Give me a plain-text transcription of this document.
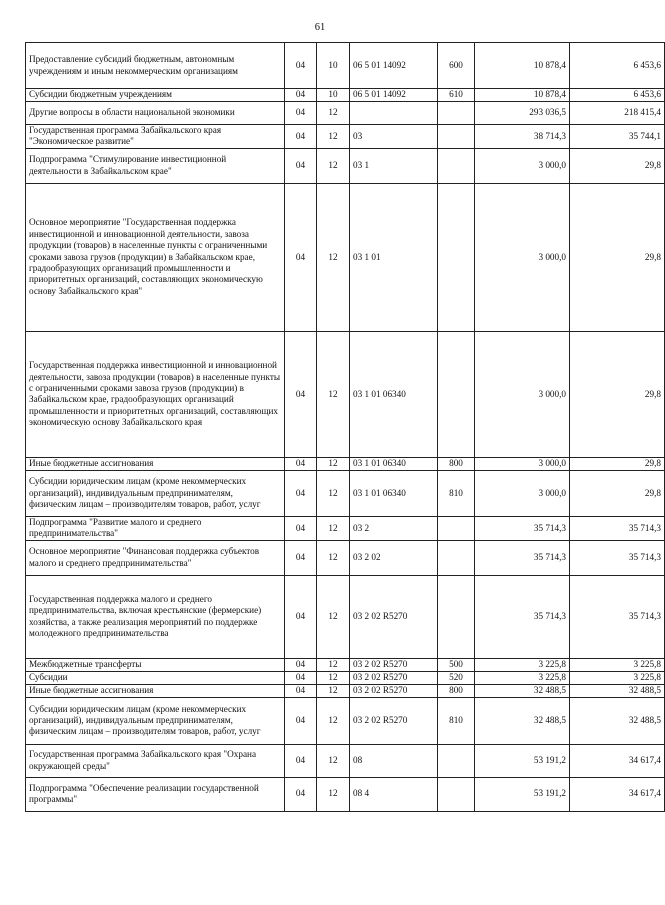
61
Предоставление субсидий бюджетным, автономным учреждениям и иным некоммерческим организациям	04	10	06 5 01 14092	600	10 878,4	6 453,6
Субсидии бюджетным учреждениям	04	10	06 5 01 14092	610	10 878,4	6 453,6
Другие вопросы в области национальной экономики	04	12			293 036,5	218 415,4
Государственная программа Забайкальского края "Экономическое развитие"	04	12	03		38 714,3	35 744,1
Подпрограмма "Стимулирование инвестиционной деятельности в Забайкальском крае"	04	12	03 1		3 000,0	29,8
Основное мероприятие "Государственная поддержка инвестиционной и инновационной деятельности, завоза продукции (товаров) в населенные пункты с ограниченными сроками завоза грузов (продукции) в Забайкальском крае, градообразующих организаций промышленности и приоритетных организаций, составляющих экономическую основу Забайкальского края"	04	12	03 1 01		3 000,0	29,8
Государственная поддержка инвестиционной и инновационной деятельности, завоза продукции (товаров) в населенные пункты с ограниченными сроками завоза грузов (продукции) в Забайкальском крае, градообразующих организаций промышленности и приоритетных организаций, составляющих экономическую основу Забайкальского края	04	12	03 1 01 06340		3 000,0	29,8
Иные бюджетные ассигнования	04	12	03 1 01 06340	800	3 000,0	29,8
Субсидии юридическим лицам (кроме некоммерческих организаций), индивидуальным предпринимателям, физическим лицам – производителям товаров, работ, услуг	04	12	03 1 01 06340	810	3 000,0	29,8
Подпрограмма "Развитие малого и среднего предпринимательства"	04	12	03 2		35 714,3	35 714,3
Основное мероприятие "Финансовая поддержка субъектов малого и среднего предпринимательства"	04	12	03 2 02		35 714,3	35 714,3
Государственная поддержка малого и среднего предпринимательства, включая крестьянские (фермерские) хозяйства, а также реализация мероприятий по поддержке молодежного предпринимательства	04	12	03 2 02 R5270		35 714,3	35 714,3
Межбюджетные трансферты	04	12	03 2 02 R5270	500	3 225,8	3 225,8
Субсидии	04	12	03 2 02 R5270	520	3 225,8	3 225,8
Иные бюджетные ассигнования	04	12	03 2 02 R5270	800	32 488,5	32 488,5
Субсидии юридическим лицам (кроме некоммерческих организаций), индивидуальным предпринимателям, физическим лицам – производителям товаров, работ, услуг	04	12	03 2 02 R5270	810	32 488,5	32 488,5
Государственная программа Забайкальского края "Охрана окружающей среды"	04	12	08		53 191,2	34 617,4
Подпрограмма "Обеспечение реализации государственной программы"	04	12	08 4		53 191,2	34 617,4
